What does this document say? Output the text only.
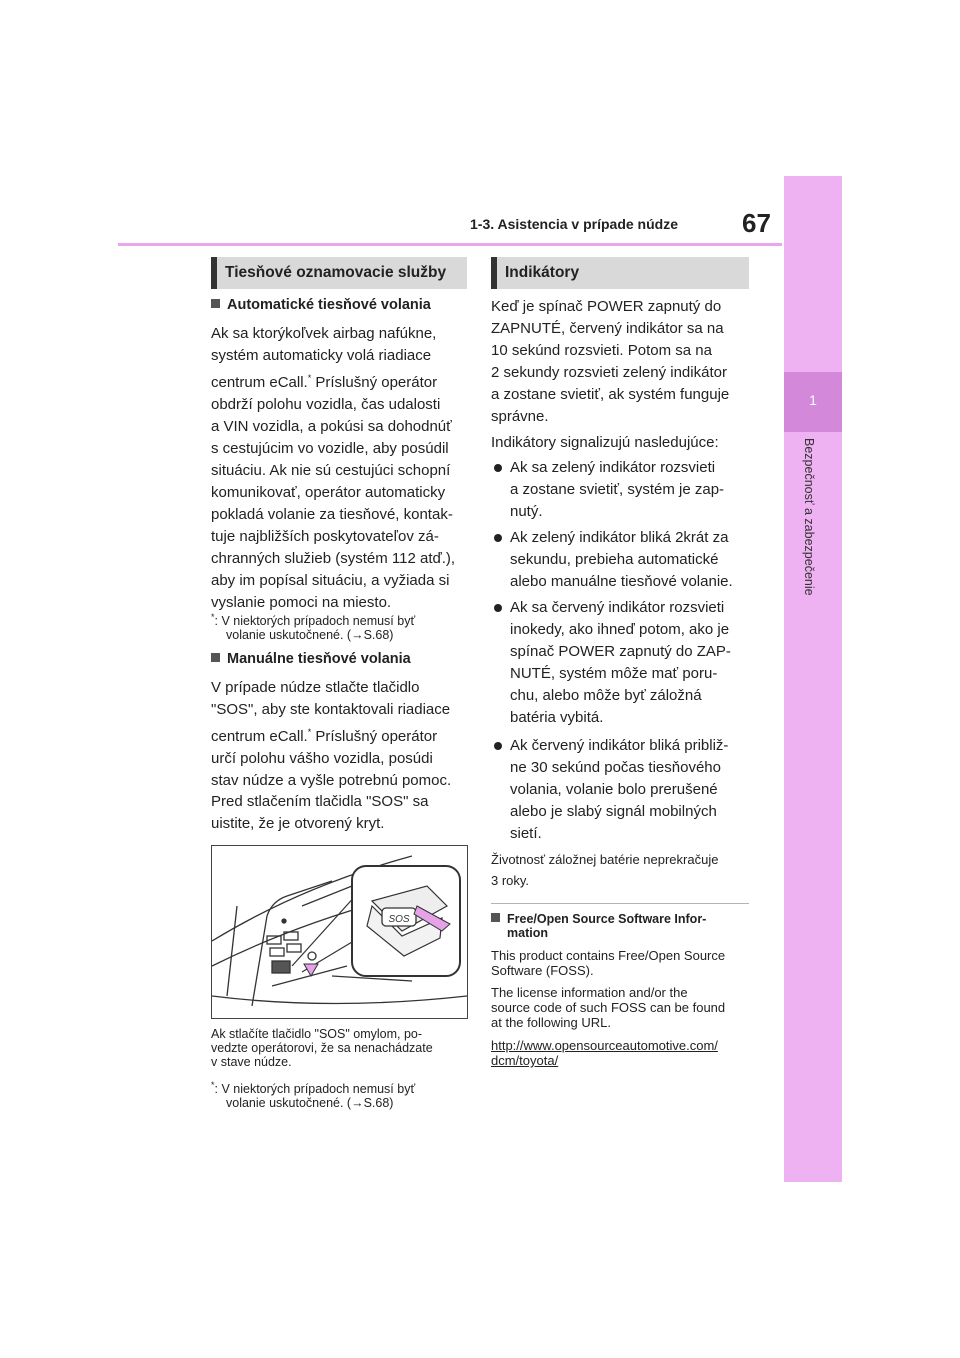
1-3. Asistencia v prípade núdze 67
1
Bezpečnosť a zabezpečenie
Tiesňové oznamovacie služby
Automatické tiesňové volania
Ak sa ktorýkoľvek airbag nafúkne,
systém automaticky volá riadiace
centrum eCall.* Príslušný operátor
obdrží polohu vozidla, čas udalosti
a VIN vozidla, a pokúsi sa dohodnúť
s cestujúcim vo vozidle, aby posúdil
situáciu. Ak nie sú cestujúci schopní
komunikovať, operátor automaticky
pokladá volanie za tiesňové, kontak-
tuje najbližších poskytovateľov zá-
chranných služieb (systém 112 atď.),
aby im popísal situáciu, a vyžiada si
vyslanie pomoci na miesto.
*: V niektorých prípadoch nemusí byť
volanie uskutočnené. (→S.68)
Manuálne tiesňové volania
V prípade núdze stlačte tlačidlo
"SOS", aby ste kontaktovali riadiace
centrum eCall.* Príslušný operátor
určí polohu vášho vozidla, posúdi
stav núdze a vyšle potrebnú pomoc.
Pred stlačením tlačidla "SOS" sa
uistite, že je otvorený kryt.
SOS
Ak stlačíte tlačidlo "SOS" omylom, po-
vedzte operátorovi, že sa nenachádzate
v stave núdze.
*: V niektorých prípadoch nemusí byť
volanie uskutočnené. (→S.68)
Indikátory
Keď je spínač POWER zapnutý do
ZAPNUTÉ, červený indikátor sa na
10 sekúnd rozsvieti. Potom sa na
2 sekundy rozsvieti zelený indikátor
a zostane svietiť, ak systém funguje
správne.
Indikátory signalizujú nasledujúce:
Ak sa zelený indikátor rozsvieti
a zostane svietiť, systém je zap-
nutý.
Ak zelený indikátor bliká 2krát za
sekundu, prebieha automatické
alebo manuálne tiesňové volanie.
Ak sa červený indikátor rozsvieti
inokedy, ako ihneď potom, ako je
spínač POWER zapnutý do ZAP-
NUTÉ, systém môže mať poru-
chu, alebo môže byť záložná
batéria vybitá.
Ak červený indikátor bliká približ-
ne 30 sekúnd počas tiesňového
volania, volanie bolo prerušené
alebo je slabý signál mobilných
sietí.
Životnosť záložnej batérie neprekračuje
3 roky.
Free/Open Source Software Infor-
mation
This product contains Free/Open Source
Software (FOSS).
The license information and/or the
source code of such FOSS can be found
at the following URL.
http://www.opensourceautomotive.com/
dcm/toyota/
